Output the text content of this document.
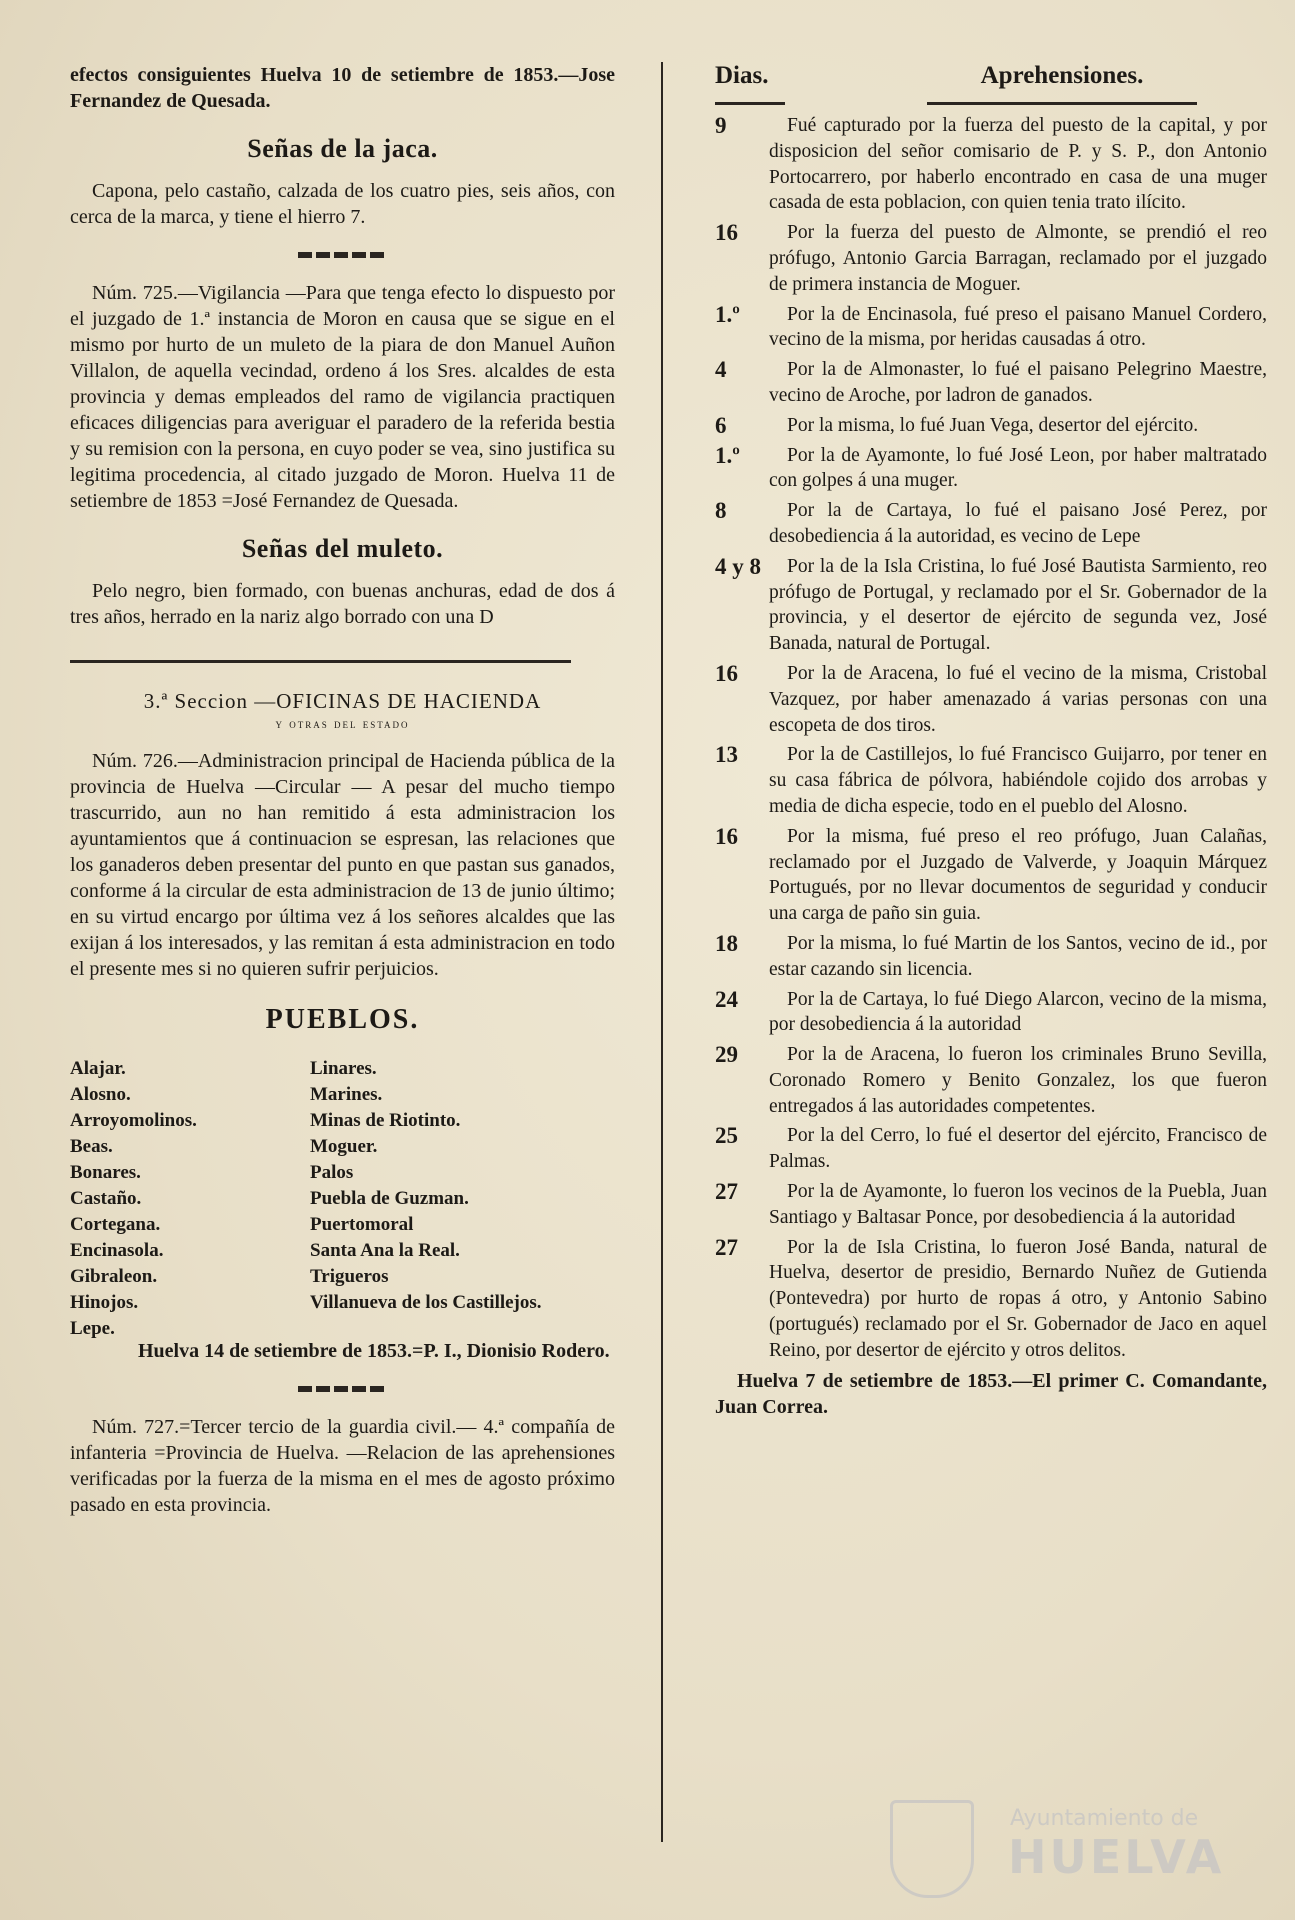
efectos consiguientes Huelva 10 de setiembre de 1853.—Jose Fernandez de Quesada.

Señas de la jaca.

Capona, pelo castaño, calzada de los cuatro pies, seis años, con cerca de la marca, y tiene el hierro 7.

Núm. 725.—Vigilancia —Para que tenga efecto lo dispuesto por el juzgado de 1.ª instancia de Moron en causa que se sigue en el mismo por hurto de un muleto de la piara de don Manuel Auñon Villalon, de aquella vecindad, ordeno á los Sres. alcaldes de esta provincia y demas empleados del ramo de vigilancia practiquen eficaces diligencias para averiguar el paradero de la referida bestia y su remision con la persona, en cuyo poder se vea, sino justifica su legitima procedencia, al citado juzgado de Moron. Huelva 11 de setiembre de 1853 =José Fernandez de Quesada.

Señas del muleto.

Pelo negro, bien formado, con buenas anchuras, edad de dos á tres años, herrado en la nariz algo borrado con una D

3.ª Seccion —OFICINAS DE HACIENDA
y otras del estado

Núm. 726.—Administracion principal de Hacienda pública de la provincia de Huelva —Circular — A pesar del mucho tiempo trascurrido, aun no han remitido á esta administracion los ayuntamientos que á continuacion se espresan, las relaciones que los ganaderos deben presentar del punto en que pastan sus ganados, conforme á la circular de esta administracion de 13 de junio último; en su virtud encargo por última vez á los señores alcaldes que las exijan á los interesados, y las remitan á esta administracion en todo el presente mes si no quieren sufrir perjuicios.

PUEBLOS.
Alajar.
Alosno.
Arroyomolinos.
Beas.
Bonares.
Castaño.
Cortegana.
Encinasola.
Gibraleon.
Hinojos.
Lepe.
Linares.
Marines.
Minas de Riotinto.
Moguer.
Palos
Puebla de Guzman.
Puertomoral
Santa Ana la Real.
Trigueros
Villanueva de los Castillejos.

Huelva 14 de setiembre de 1853.=P. I., Dionisio Rodero.

Núm. 727.=Tercer tercio de la guardia civil.— 4.ª compañía de infanteria =Provincia de Huelva. —Relacion de las aprehensiones verificadas por la fuerza de la misma en el mes de agosto próximo pasado en esta provincia.

Dias.	Aprehensiones.
9	Fué capturado por la fuerza del puesto de la capital, y por disposicion del señor comisario de P. y S. P., don Antonio Portocarrero, por haberlo encontrado en casa de una muger casada de esta poblacion, con quien tenia trato ilícito.
16	Por la fuerza del puesto de Almonte, se prendió el reo prófugo, Antonio Garcia Barragan, reclamado por el juzgado de primera instancia de Moguer.
1.º	Por la de Encinasola, fué preso el paisano Manuel Cordero, vecino de la misma, por heridas causadas á otro.
4	Por la de Almonaster, lo fué el paisano Pelegrino Maestre, vecino de Aroche, por ladron de ganados.
6	Por la misma, lo fué Juan Vega, desertor del ejército.
1.º	Por la de Ayamonte, lo fué José Leon, por haber maltratado con golpes á una muger.
8	Por la de Cartaya, lo fué el paisano José Perez, por desobediencia á la autoridad, es vecino de Lepe
4 y 8	Por la de la Isla Cristina, lo fué José Bautista Sarmiento, reo prófugo de Portugal, y reclamado por el Sr. Gobernador de la provincia, y el desertor de ejército de segunda vez, José Banada, natural de Portugal.
16	Por la de Aracena, lo fué el vecino de la misma, Cristobal Vazquez, por haber amenazado á varias personas con una escopeta de dos tiros.
13	Por la de Castillejos, lo fué Francisco Guijarro, por tener en su casa fábrica de pólvora, habiéndole cojido dos arrobas y media de dicha especie, todo en el pueblo del Alosno.
16	Por la misma, fué preso el reo prófugo, Juan Calañas, reclamado por el Juzgado de Valverde, y Joaquin Márquez Portugués, por no llevar documentos de seguridad y conducir una carga de paño sin guia.
18	Por la misma, lo fué Martin de los Santos, vecino de id., por estar cazando sin licencia.
24	Por la de Cartaya, lo fué Diego Alarcon, vecino de la misma, por desobediencia á la autoridad
29	Por la de Aracena, lo fueron los criminales Bruno Sevilla, Coronado Romero y Benito Gonzalez, los que fueron entregados á las autoridades competentes.
25	Por la del Cerro, lo fué el desertor del ejército, Francisco de Palmas.
27	Por la de Ayamonte, lo fueron los vecinos de la Puebla, Juan Santiago y Baltasar Ponce, por desobediencia á la autoridad
27	Por la de Isla Cristina, lo fueron José Banda, natural de Huelva, desertor de presidio, Bernardo Nuñez de Gutienda (Pontevedra) por hurto de ropas á otro, y Antonio Sabino (portugués) reclamado por el Sr. Gobernador de Jaco en aquel Reino, por desertor de ejército y otros delitos.

Huelva 7 de setiembre de 1853.—El primer C. Comandante, Juan Correa.

Ayuntamiento de
HUELVA
